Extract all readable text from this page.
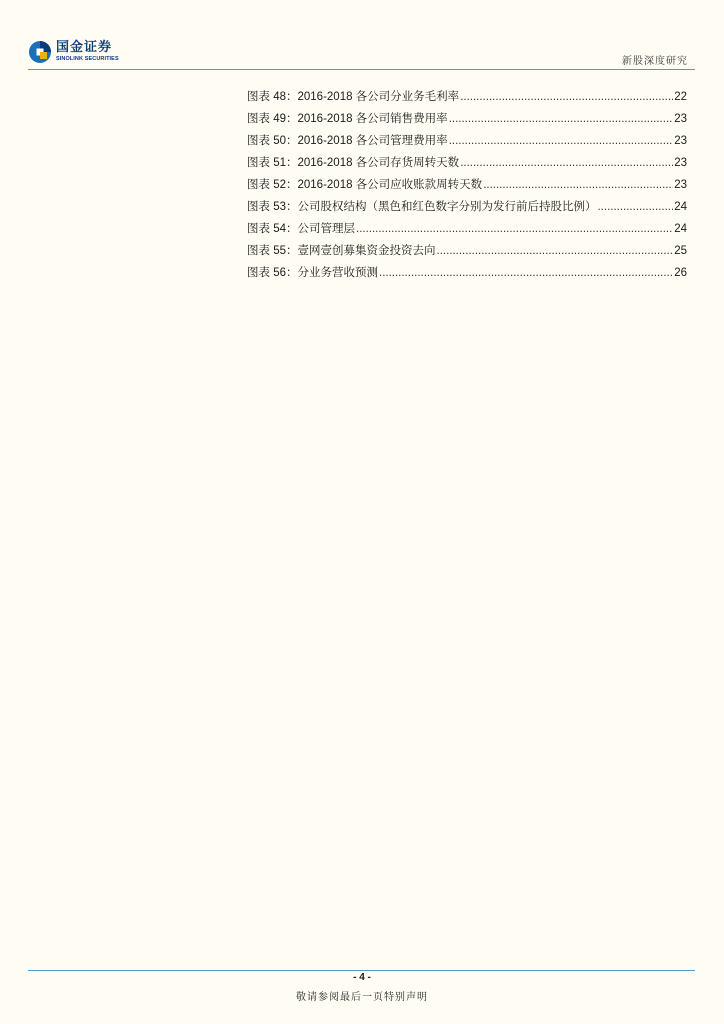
国金证券
SINOLINK SECURITIES	新股深度研究
图表 48：2016-2018 各公司分业务毛利率 .....	22
图表 49：2016-2018 各公司销售费用率 .....	23
图表 50：2016-2018 各公司管理费用率 .....	23
图表 51：2016-2018 各公司存货周转天数 .....	23
图表 52：2016-2018 各公司应收账款周转天数 .....	23
图表 53：公司股权结构（黑色和红色数字分别为发行前后持股比例） .....	24
图表 54：公司管理层 .....	24
图表 55：壹网壹创募集资金投资去向 .....	25
图表 56：分业务营收预测 .....	26
- 4 -
敬请参阅最后一页特别声明
